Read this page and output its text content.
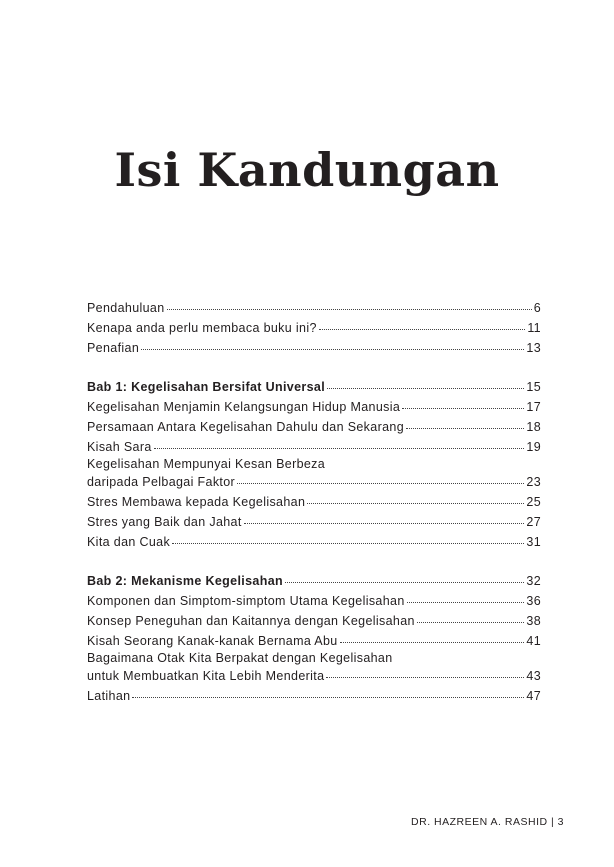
Isi Kandungan
Pendahuluan	6
Kenapa anda perlu membaca buku ini?	11
Penafian	13
Bab 1: Kegelisahan Bersifat Universal	15
Kegelisahan Menjamin Kelangsungan Hidup Manusia	17
Persamaan Antara Kegelisahan Dahulu dan Sekarang	18
Kisah Sara	19
Kegelisahan Mempunyai Kesan Berbeza
daripada Pelbagai Faktor	23
Stres Membawa kepada Kegelisahan	25
Stres yang Baik dan Jahat	27
Kita dan Cuak	31
Bab 2: Mekanisme Kegelisahan	32
Komponen dan Simptom-simptom Utama Kegelisahan	36
Konsep Peneguhan dan Kaitannya dengan Kegelisahan	38
Kisah Seorang Kanak-kanak Bernama Abu	41
Bagaimana Otak Kita Berpakat dengan Kegelisahan
untuk Membuatkan Kita Lebih Menderita	43
Latihan	47
DR. HAZREEN A. RASHID | 3
